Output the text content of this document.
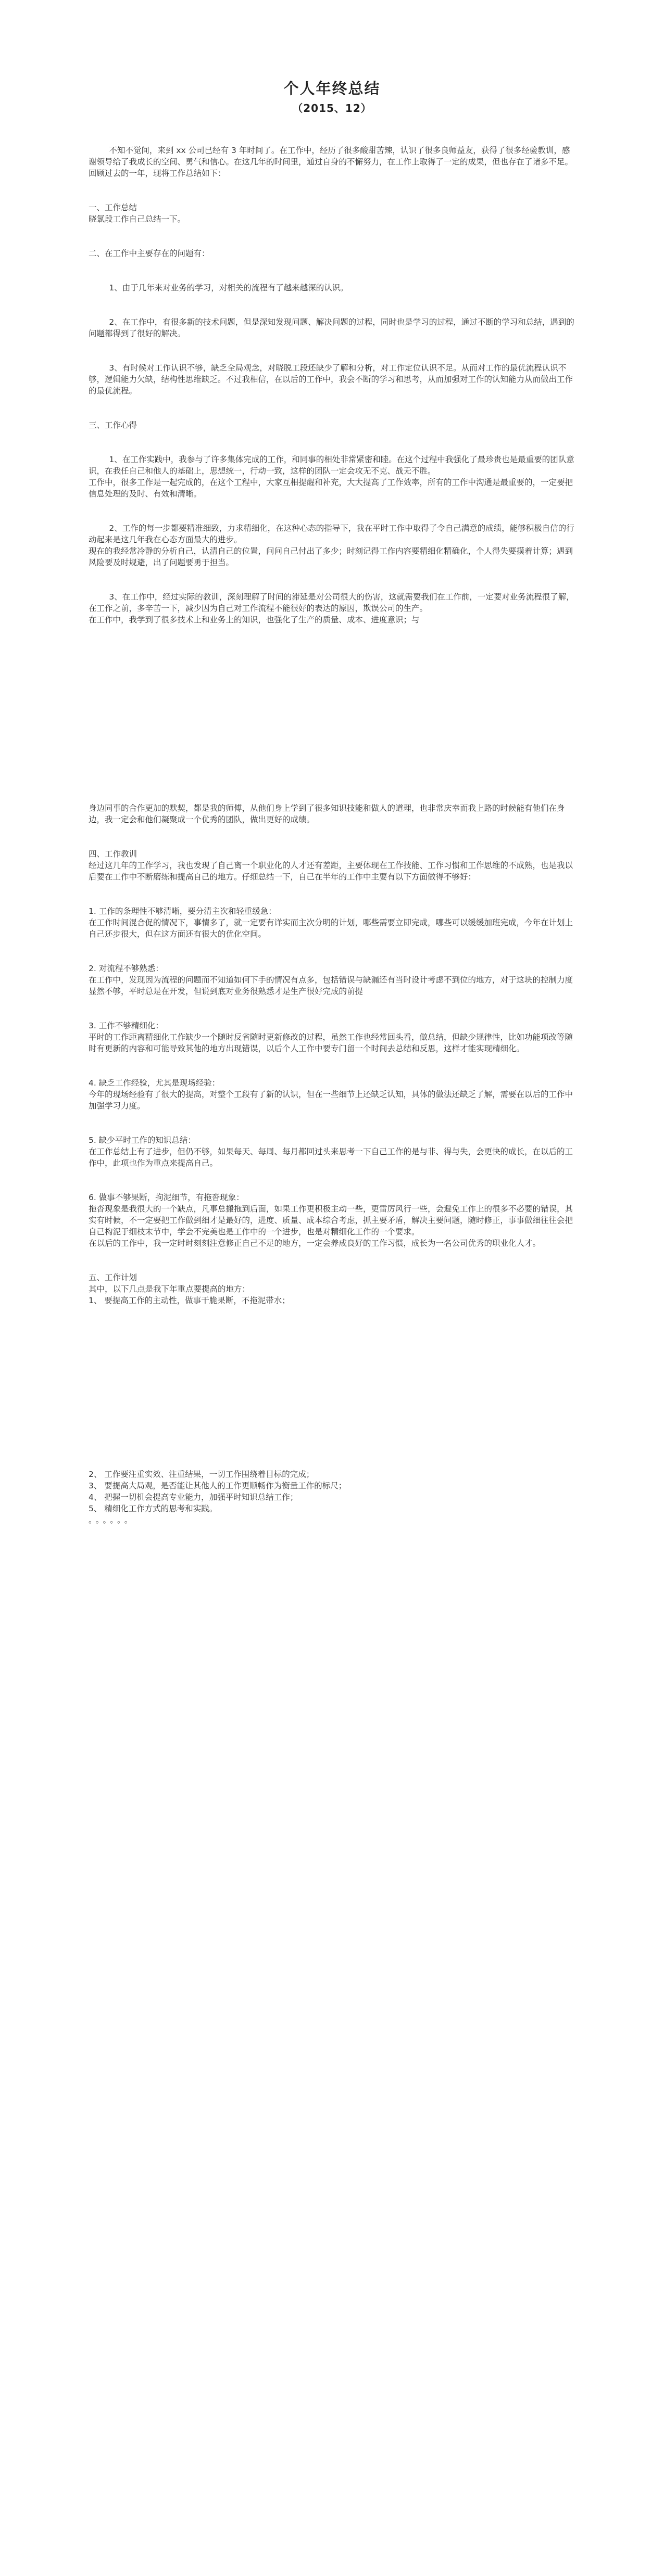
个人年终总结
（2015、12）

不知不觉间，来到 xx 公司已经有 3 年时间了。在工作中，经历了很多酸甜苦辣，认识了很多良师益友，获得了很多经验教训，感谢领导给了我成长的空间、勇气和信心。在这几年的时间里，通过自身的不懈努力，在工作上取得了一定的成果，但也存在了诸多不足。回顾过去的一年，现将工作总结如下：

一、工作总结

晓氯段工作自己总结一下。

二、在工作中主要存在的问题有：

1、由于几年来对业务的学习，对相关的流程有了越来越深的认识。

2、在工作中，有很多新的技术问题，但是深知发现问题、解决问题的过程，同时也是学习的过程，通过不断的学习和总结，遇到的问题都得到了很好的解决。

3、有时候对工作认识不够，缺乏全局观念，对晓脱工段还缺少了解和分析，对工作定位认识不足。从而对工作的最优流程认识不够，逻辑能力欠缺，结构性思维缺乏。不过我相信，在以后的工作中，我会不断的学习和思考，从而加强对工作的认知能力从而做出工作的最优流程。

三、工作心得

1、在工作实践中，我参与了许多集体完成的工作，和同事的相处非常紧密和睦。在这个过程中我强化了最珍贵也是最重要的团队意识，在我任自己和他人的基础上，思想统一，行动一致，这样的团队一定会攻无不克、战无不胜。
工作中，很多工作是一起完成的，在这个工程中，大家互相提醒和补充，大大提高了工作效率，所有的工作中沟通是最重要的，一定要把信息处理的及时、有效和清晰。

2、工作的每一步都要精准细致，力求精细化，在这种心态的指导下，我在平时工作中取得了令自己满意的成绩，能够积极自信的行动起来是这几年我在心态方面最大的进步。
现在的我经常冷静的分析自己，认清自己的位置，问问自己付出了多少；时刻记得工作内容要精细化精确化，个人得失要摸着计算；遇到风险要及时规避，出了问题要勇于担当。

3、在工作中，经过实际的教训，深刻理解了时间的滞延是对公司很大的伤害，这就需要我们在工作前，一定要对业务流程很了解，在工作之前，多辛苦一下，减少因为自己对工作流程不能很好的表达的原因，欺误公司的生产。
在工作中，我学到了很多技术上和业务上的知识，也强化了生产的质量、成本、进度意识；与

身边同事的合作更加的默契，都是我的师傅，从他们身上学到了很多知识技能和做人的道理，也非常庆幸而我上路的时候能有他们在身边，我一定会和他们凝聚成一个优秀的团队，做出更好的成绩。

四、工作教训

经过这几年的工作学习，我也发现了自己离一个职业化的人才还有差距，主要体现在工作技能、工作习惯和工作思维的不成熟，也是我以后要在工作中不断磨练和提高自己的地方。仔细总结一下，自己在半年的工作中主要有以下方面做得不够好：

1. 工作的条理性不够清晰，要分清主次和轻重缓急：

在工作时间混合促的情况下，事情多了，就一定要有详实而主次分明的计划，哪些需要立即完成，哪些可以缓缓加班完成，今年在计划上自己还步很大，但在这方面还有很大的优化空间。

2. 对流程不够熟悉：

在工作中，发现因为流程的问题而不知道如何下手的情况有点多，包括错误与缺漏还有当时设计考虑不到位的地方，对于这块的控制力度显然不够，平时总是在开发，但说到底对业务很熟悉才是生产很好完成的前提

3. 工作不够精细化：

平时的工作距离精细化工作缺少一个随时反省随时更新修改的过程，虽然工作也经常回头看，做总结，但缺少规律性，比如功能项改等随时有更新的内容和可能导致其他的地方出现错误，以后个人工作中要专门留一个时间去总结和反思，这样才能实现精细化。

4. 缺乏工作经验，尤其是现场经验：

今年的现场经验有了很大的提高，对整个工段有了新的认识，但在一些细节上还缺乏认知，具体的做法还缺乏了解，需要在以后的工作中加强学习力度。

5. 缺少平时工作的知识总结：

在工作总结上有了进步，但仍不够，如果每天、每周、每月都回过头来思考一下自己工作的是与非、得与失，会更快的成长，在以后的工作中，此项也作为重点来提高自己。

6. 做事不够果断，拘泥细节，有拖沓现象：

拖沓现象是我很大的一个缺点，凡事总搬拖到后面，如果工作更积极主动一些，更雷厉风行一些，会避免工作上的很多不必要的错误，其实有时候，不一定要把工作做到细才是最好的，进度、质量、成本综合考虑，抓主要矛盾，解决主要问题，随时修正，事事做细往往会把自己构泥于细枝末节中，学会不完美也是工作中的一个进步，也是对精细化工作的一个要求。
在以后的工作中，我一定时时刻刻注意修正自己不足的地方，一定会养成良好的工作习惯，成长为一名公司优秀的职业化人才。

五、工作计划

其中，以下几点是我下年重点要提高的地方：

1、 要提高工作的主动性，做事干脆果断，不拖泥带水；

2、 工作要注重实效、注重结果，一切工作围绕着目标的完成；

3、 要提高大局观，是否能让其他人的工作更顺畅作为衡量工作的标尺；

4、 把握一切机会提高专业能力，加强平时知识总结工作；

5、 精细化工作方式的思考和实践。

。。。。。。
